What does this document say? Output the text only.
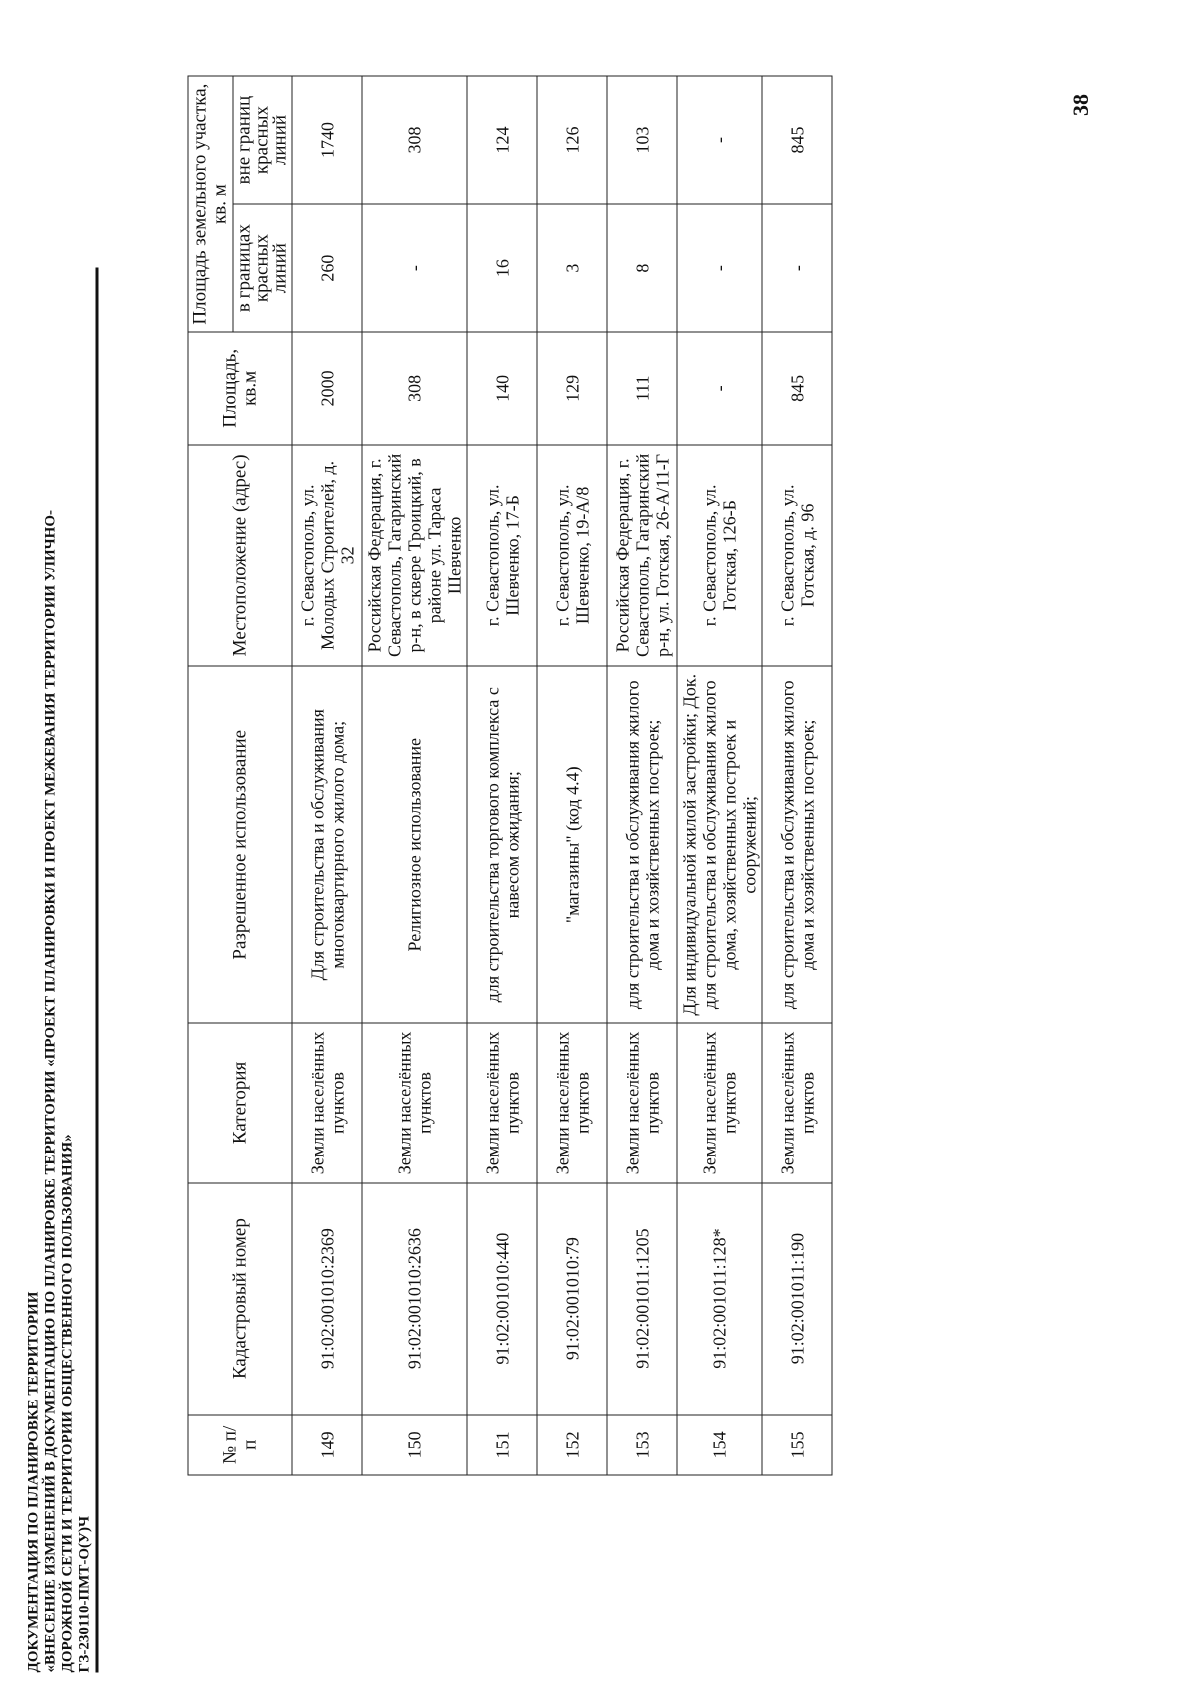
38
ДОКУМЕНТАЦИЯ ПО ПЛАНИРОВКЕ ТЕРРИТОРИИ «ВНЕСЕНИЕ ИЗМЕНЕНИЙ В ДОКУМЕНТАЦИЮ ПО ПЛАНИРОВКЕ ТЕРРИТОРИИ «ПРОЕКТ ПЛАНИРОВКИ И ПРОЕКТ МЕЖЕВАНИЯ ТЕРРИТОРИИ УЛИЧНО- ДОРОЖНОЙ СЕТИ И ТЕРРИТОРИИ ОБЩЕСТВЕННОГО ПОЛЬЗОВАНИЯ» ГЗ-230110-ПМТ-О(У)Ч
№ п/п	Кадастровый номер	Категория	Разрешенное использование	Местоположение (адрес)	Площадь, кв.м	Площадь земельного участка, кв. м	
						в границах красных линий	вне границ красных линий
149	91:02:001010:2369	Земли населённых пунктов	Для строительства и обслуживания многоквартирного жилого дома;	г. Севастополь, ул. Молодых Строителей, д. 32	2000	260	1740
150	91:02:001010:2636	Земли населённых пунктов	Религиозное использование	Российская Федерация, г. Севастополь, Гагаринский р-н, в сквере Троицкий, в районе ул. Тараса Шевченко	308	-	308
151	91:02:001010:440	Земли населённых пунктов	для строительства торгового комплекса с навесом ожидания;	г. Севастополь, ул. Шевченко, 17-Б	140	16	124
152	91:02:001010:79	Земли населённых пунктов	"магазины" (код 4.4)	г. Севастополь, ул. Шевченко, 19-А/8	129	3	126
153	91:02:001011:1205	Земли населённых пунктов	для строительства и обслуживания жилого дома и хозяйственных построек;	Российская Федерация, г. Севастополь, Гагаринский р-н, ул. Готская, 26-А/11-Г	111	8	103
154	91:02:001011:128*	Земли населённых пунктов	Для индивидуальной жилой застройки; Док. для строительства и обслуживания жилого дома, хозяйственных построек и сооружений;	г. Севастополь, ул. Готская, 126-Б	-	-	-
155	91:02:001011:190	Земли населённых пунктов	для строительства и обслуживания жилого дома и хозяйственных построек;	г. Севастополь, ул. Готская, д. 96	845	-	845
